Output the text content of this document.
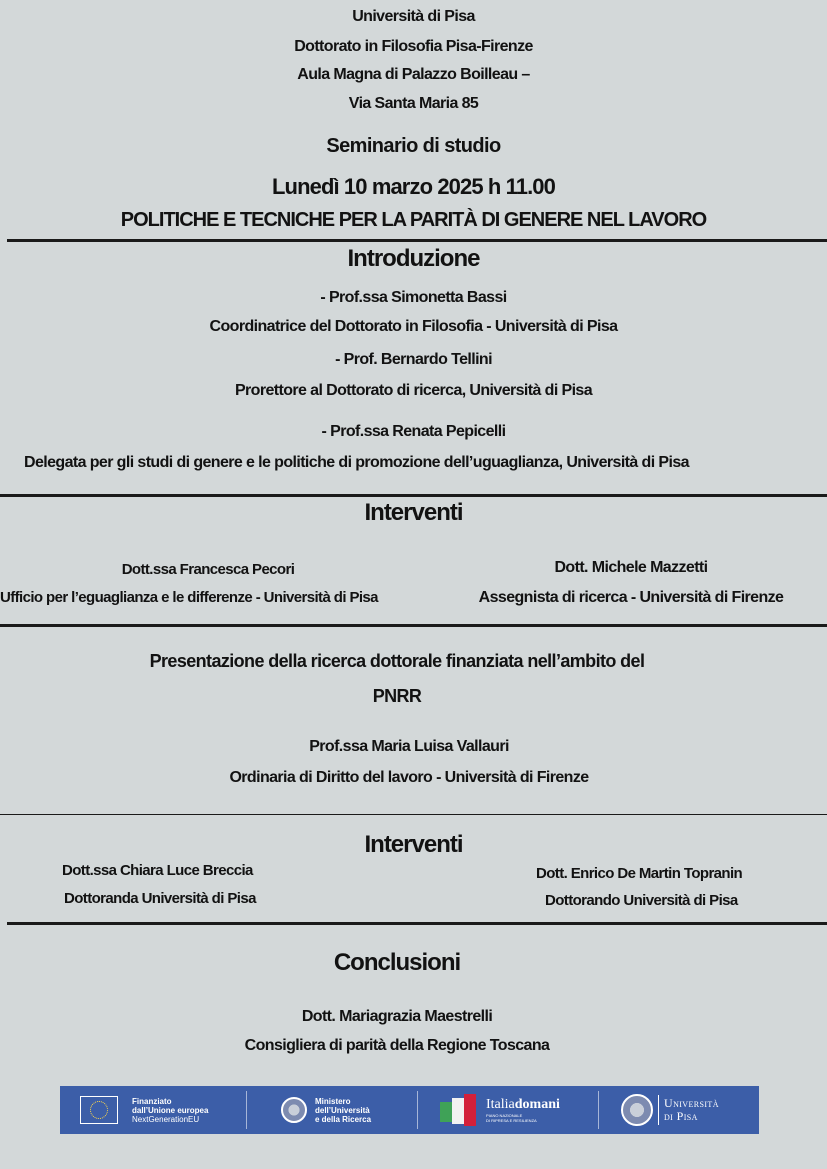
Università di Pisa
Dottorato in Filosofia Pisa-Firenze
Aula Magna di Palazzo Boilleau –
Via Santa Maria 85
Seminario di studio
Lunedì 10 marzo 2025 h 11.00
POLITICHE E TECNICHE PER LA PARITÀ DI GENERE NEL LAVORO
Introduzione
- Prof.ssa Simonetta Bassi
Coordinatrice del Dottorato in Filosofia - Università di Pisa
- Prof. Bernardo Tellini
Prorettore al Dottorato di ricerca, Università di Pisa
- Prof.ssa Renata Pepicelli
Delegata per gli studi di genere e le politiche di promozione dell’uguaglianza, Università di Pisa
Interventi
Dott.ssa Francesca Pecori
Ufficio per l’eguaglianza e le differenze - Università di Pisa
Dott. Michele Mazzetti
Assegnista di ricerca - Università di Firenze
Presentazione della ricerca dottorale finanziata nell’ambito del
PNRR
Prof.ssa Maria Luisa Vallauri
Ordinaria di Diritto del lavoro - Università di Firenze
Interventi
Dott.ssa Chiara Luce Breccia
Dottoranda Università di Pisa
Dott. Enrico De Martin Topranin
Dottorando Università di Pisa
Conclusioni
Dott. Mariagrazia Maestrelli
Consigliera di parità della Regione Toscana
Finanziato
dall’Unione europea
NextGenerationEU
Ministero
dell’Università
e della Ricerca
Italiadomani
PIANO NAZIONALE
DI RIPRESA E RESILIENZA
Università
di Pisa
